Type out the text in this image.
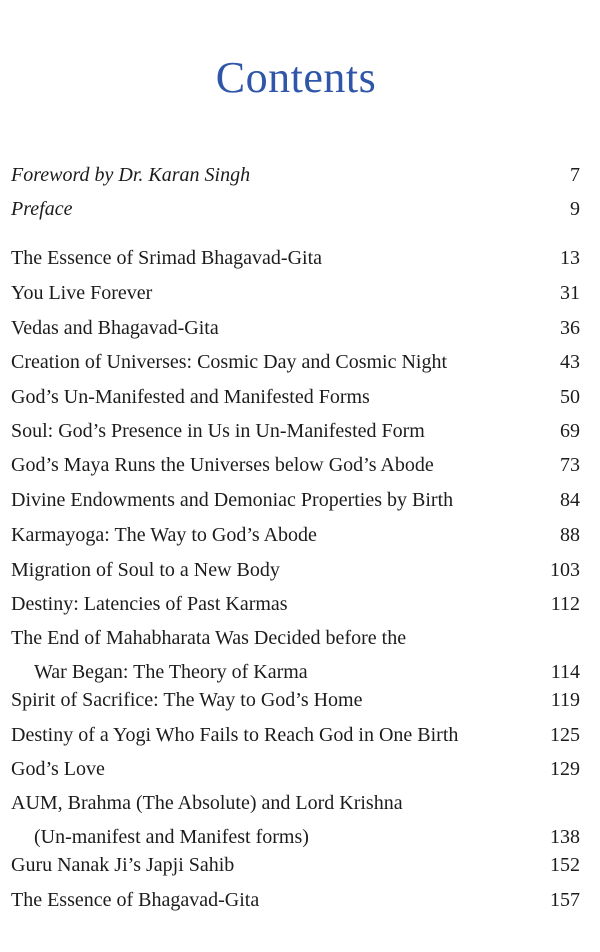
Contents
Foreword by Dr. Karan Singh	7
Preface	9
The Essence of Srimad Bhagavad-Gita	13
You Live Forever	31
Vedas and Bhagavad-Gita	36
Creation of Universes: Cosmic Day and Cosmic Night	43
God’s Un-Manifested and Manifested Forms	50
Soul: God’s Presence in Us in Un-Manifested Form	69
God’s Maya Runs the Universes below God’s Abode	73
Divine Endowments and Demoniac Properties by Birth	84
Karmayoga: The Way to God’s Abode	88
Migration of Soul to a New Body	103
Destiny: Latencies of Past Karmas	112
The End of Mahabharata Was Decided before the
War Began: The Theory of Karma	114
Spirit of Sacrifice: The Way to God’s Home	119
Destiny of a Yogi Who Fails to Reach God in One Birth	125
God’s Love	129
AUM, Brahma (The Absolute) and Lord Krishna
(Un-manifest and Manifest forms)	138
Guru Nanak Ji’s Japji Sahib	152
The Essence of Bhagavad-Gita	157
